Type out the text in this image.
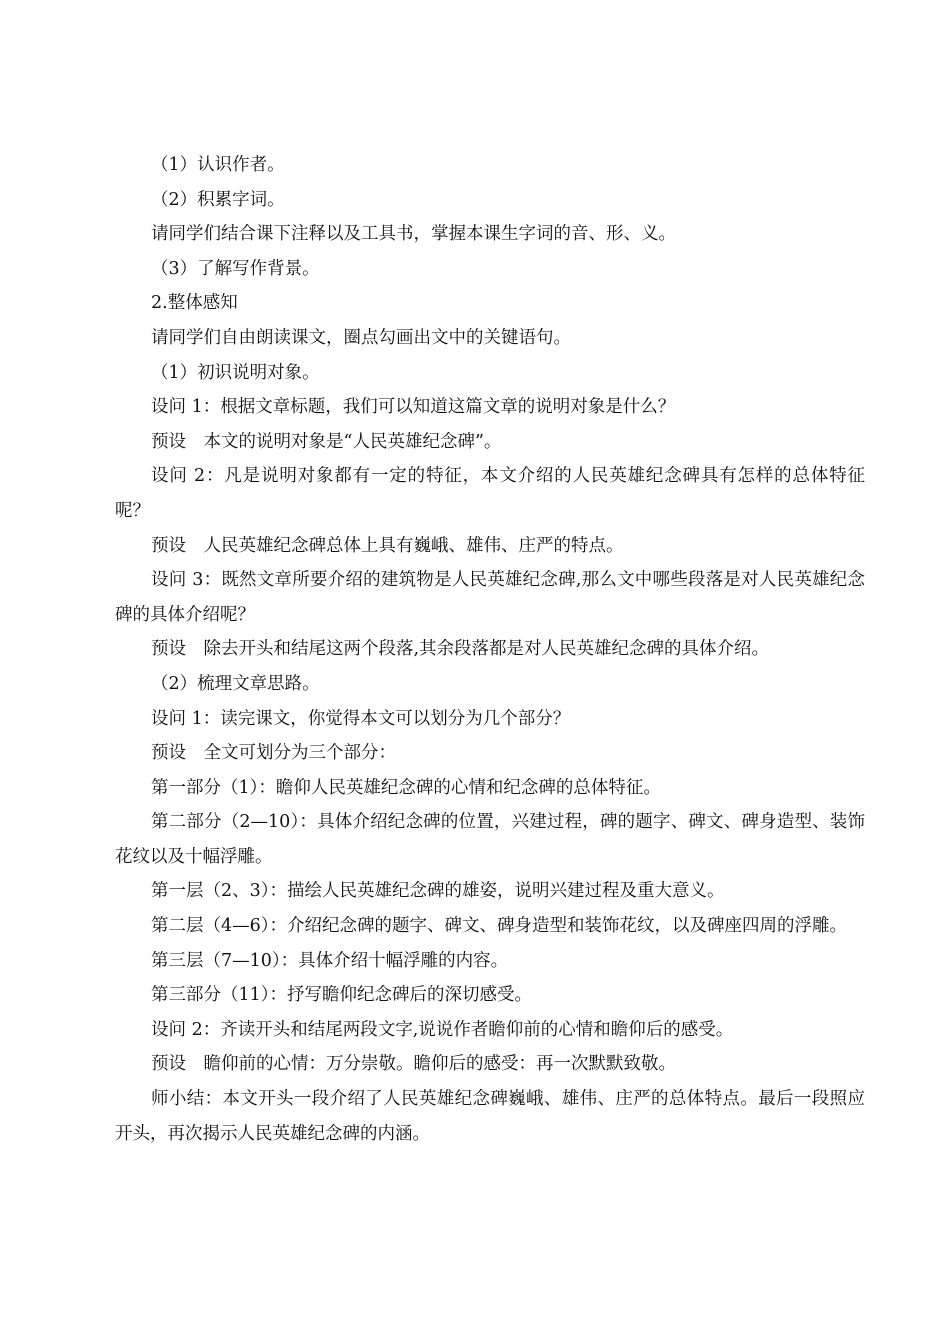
（1）认识作者。

（2）积累字词。

请同学们结合课下注释以及工具书，掌握本课生字词的音、形、义。

（3）了解写作背景。

2.整体感知

请同学们自由朗读课文，圈点勾画出文中的关键语句。

（1）初识说明对象。

设问 1：根据文章标题，我们可以知道这篇文章的说明对象是什么？

预设　本文的说明对象是“人民英雄纪念碑”。

设问 2：凡是说明对象都有一定的特征，本文介绍的人民英雄纪念碑具有怎样的总体特征呢？

预设　人民英雄纪念碑总体上具有巍峨、雄伟、庄严的特点。

设问 3：既然文章所要介绍的建筑物是人民英雄纪念碑,那么文中哪些段落是对人民英雄纪念碑的具体介绍呢？

预设　除去开头和结尾这两个段落,其余段落都是对人民英雄纪念碑的具体介绍。

（2）梳理文章思路。

设问 1：读完课文，你觉得本文可以划分为几个部分？

预设　全文可划分为三个部分：

第一部分（1）：瞻仰人民英雄纪念碑的心情和纪念碑的总体特征。

第二部分（2—10）：具体介绍纪念碑的位置，兴建过程，碑的题字、碑文、碑身造型、装饰花纹以及十幅浮雕。

第一层（2、3）：描绘人民英雄纪念碑的雄姿，说明兴建过程及重大意义。

第二层（4—6）：介绍纪念碑的题字、碑文、碑身造型和装饰花纹，以及碑座四周的浮雕。

第三层（7—10）：具体介绍十幅浮雕的内容。

第三部分（11）：抒写瞻仰纪念碑后的深切感受。

设问 2：齐读开头和结尾两段文字,说说作者瞻仰前的心情和瞻仰后的感受。

预设　瞻仰前的心情：万分崇敬。瞻仰后的感受：再一次默默致敬。

师小结：本文开头一段介绍了人民英雄纪念碑巍峨、雄伟、庄严的总体特点。最后一段照应开头，再次揭示人民英雄纪念碑的内涵。
